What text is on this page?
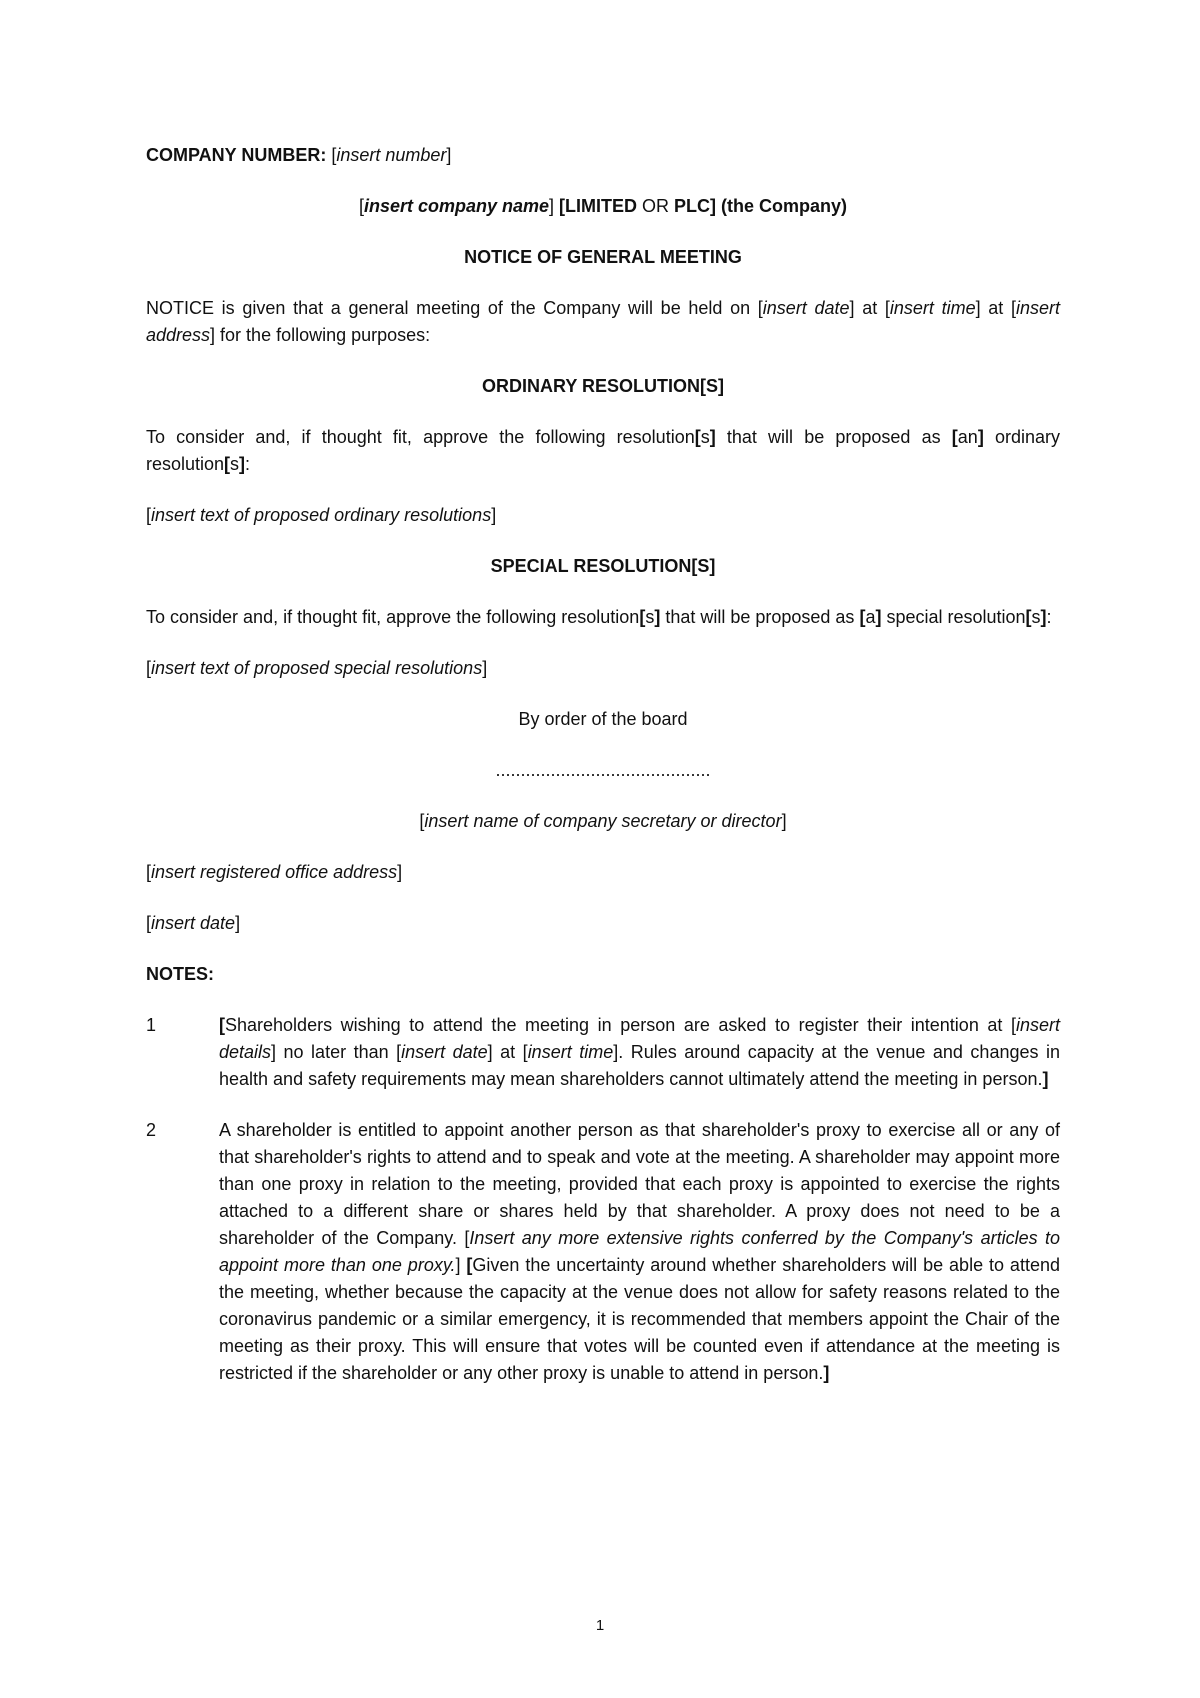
COMPANY NUMBER: [insert number]

[insert company name] [LIMITED OR PLC] (the Company)

NOTICE OF GENERAL MEETING

NOTICE is given that a general meeting of the Company will be held on [insert date] at [insert time] at [insert address] for the following purposes:

ORDINARY RESOLUTION[S]

To consider and, if thought fit, approve the following resolution[s] that will be proposed as [an] ordinary resolution[s]:

[insert text of proposed ordinary resolutions]

SPECIAL RESOLUTION[S]

To consider and, if thought fit, approve the following resolution[s] that will be proposed as [a] special resolution[s]:

[insert text of proposed special resolutions]

By order of the board

...........................................

[insert name of company secretary or director]

[insert registered office address]

[insert date]

NOTES:

1	[Shareholders wishing to attend the meeting in person are asked to register their intention at [insert details] no later than [insert date] at [insert time]. Rules around capacity at the venue and changes in health and safety requirements may mean shareholders cannot ultimately attend the meeting in person.]
2	A shareholder is entitled to appoint another person as that shareholder's proxy to exercise all or any of that shareholder's rights to attend and to speak and vote at the meeting. A shareholder may appoint more than one proxy in relation to the meeting, provided that each proxy is appointed to exercise the rights attached to a different share or shares held by that shareholder. A proxy does not need to be a shareholder of the Company. [Insert any more extensive rights conferred by the Company's articles to appoint more than one proxy.] [Given the uncertainty around whether shareholders will be able to attend the meeting, whether because the capacity at the venue does not allow for safety reasons related to the coronavirus pandemic or a similar emergency, it is recommended that members appoint the Chair of the meeting as their proxy. This will ensure that votes will be counted even if attendance at the meeting is restricted if the shareholder or any other proxy is unable to attend in person.]
1
